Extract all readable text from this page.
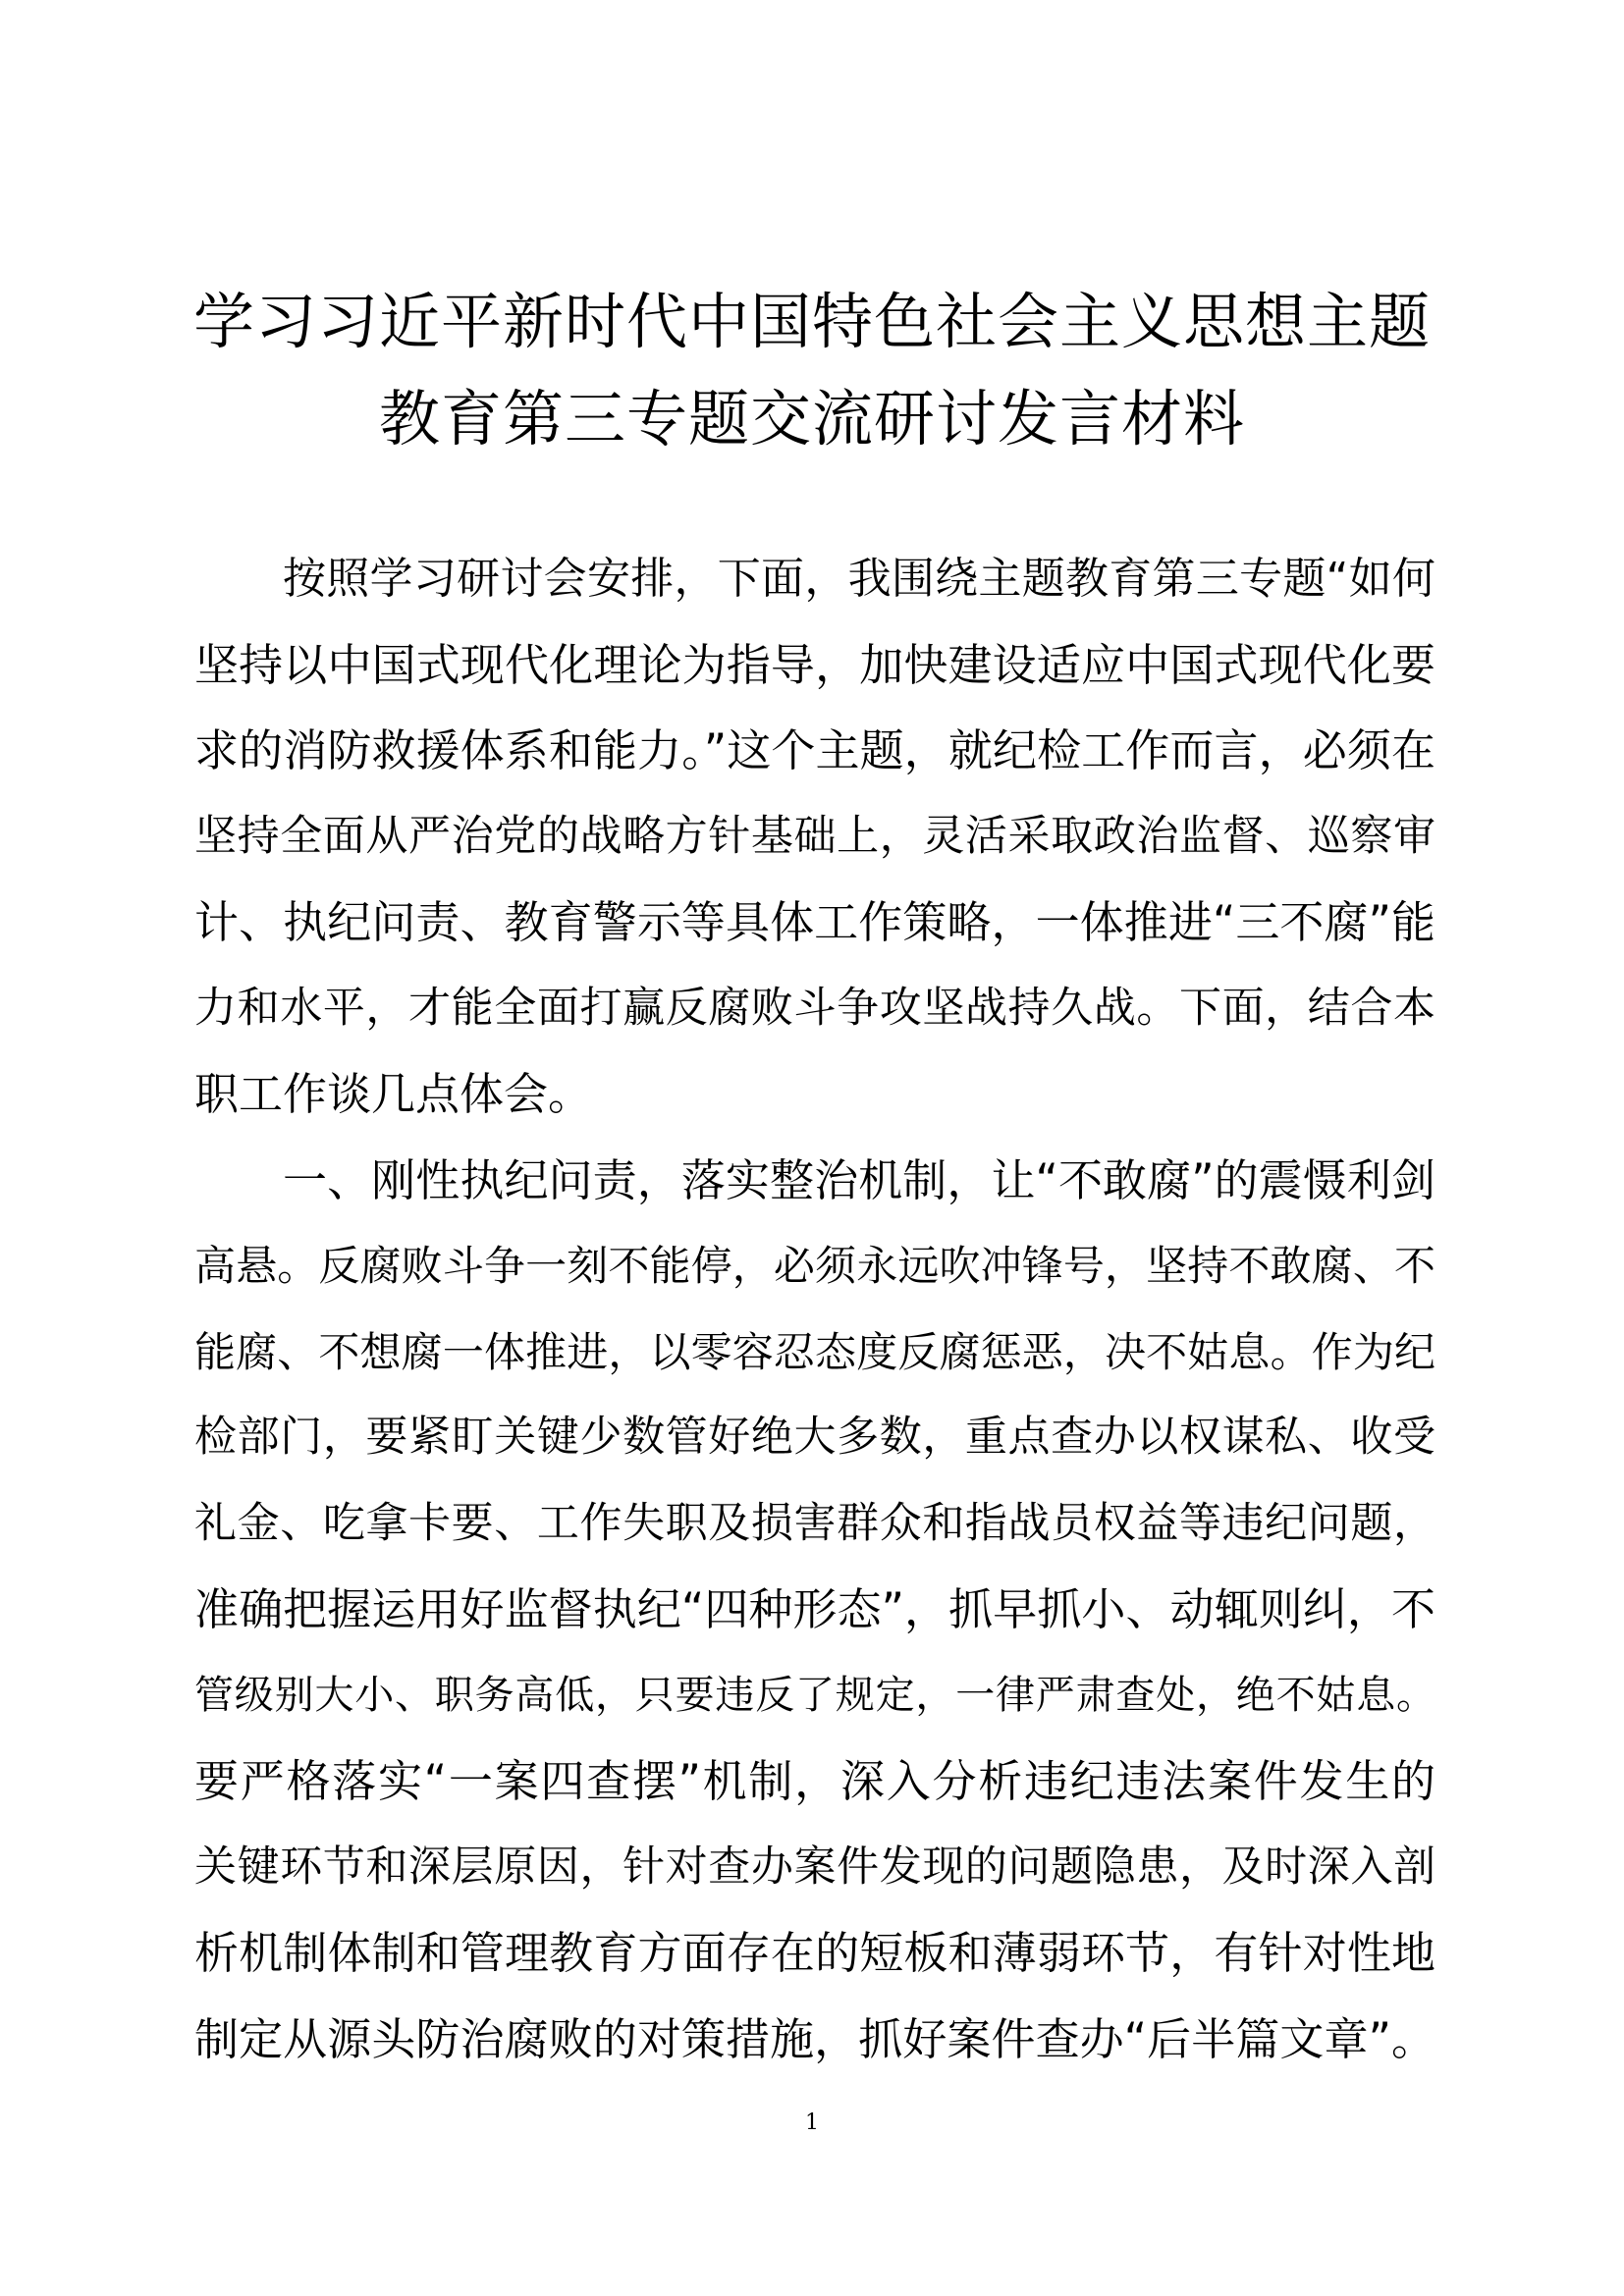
学习习近平新时代中国特色社会主义思想主题
教育第三专题交流研讨发言材料
按照学习研讨会安排，下面，我围绕主题教育第三专题“如何
坚持以中国式现代化理论为指导，加快建设适应中国式现代化要
求的消防救援体系和能力。”这个主题，就纪检工作而言，必须在
坚持全面从严治党的战略方针基础上，灵活采取政治监督、巡察审
计、执纪问责、教育警示等具体工作策略，一体推进“三不腐”能
力和水平，才能全面打赢反腐败斗争攻坚战持久战。下面，结合本
职工作谈几点体会。
一、刚性执纪问责，落实整治机制，让“不敢腐”的震慑利剑
高悬。反腐败斗争一刻不能停，必须永远吹冲锋号，坚持不敢腐、不
能腐、不想腐一体推进，以零容忍态度反腐惩恶，决不姑息。作为纪
检部门，要紧盯关键少数管好绝大多数，重点查办以权谋私、收受
礼金、吃拿卡要、工作失职及损害群众和指战员权益等违纪问题，
准确把握运用好监督执纪“四种形态”，抓早抓小、动辄则纠，不
管级别大小、职务高低，只要违反了规定，一律严肃查处，绝不姑息。
要严格落实“一案四查摆”机制，深入分析违纪违法案件发生的
关键环节和深层原因，针对查办案件发现的问题隐患，及时深入剖
析机制体制和管理教育方面存在的短板和薄弱环节，有针对性地
制定从源头防治腐败的对策措施，抓好案件查办“后半篇文章”。
1
